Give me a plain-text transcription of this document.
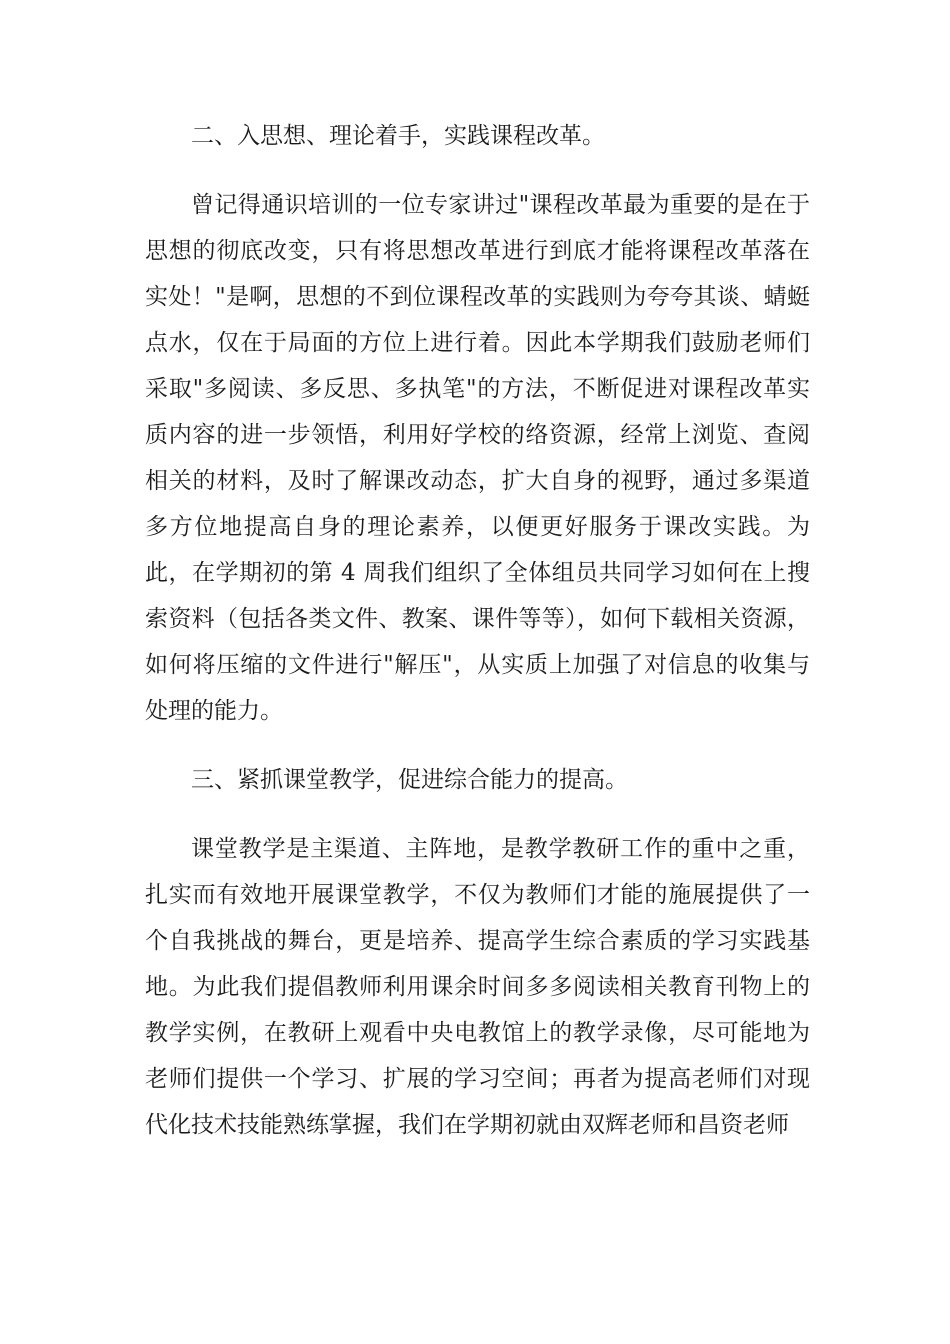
二、入思想、理论着手，实践课程改革。

曾记得通识培训的一位专家讲过"课程改革最为重要的是在于思想的彻底改变，只有将思想改革进行到底才能将课程改革落在实处！"是啊，思想的不到位课程改革的实践则为夸夸其谈、蜻蜓点水，仅在于局面的方位上进行着。因此本学期我们鼓励老师们采取"多阅读、多反思、多执笔"的方法，不断促进对课程改革实质内容的进一步领悟，利用好学校的络资源，经常上浏览、查阅相关的材料，及时了解课改动态，扩大自身的视野，通过多渠道多方位地提高自身的理论素养，以便更好服务于课改实践。为此，在学期初的第 4 周我们组织了全体组员共同学习如何在上搜索资料（包括各类文件、教案、课件等等），如何下载相关资源，如何将压缩的文件进行"解压"，从实质上加强了对信息的收集与处理的能力。

三、紧抓课堂教学，促进综合能力的提高。

课堂教学是主渠道、主阵地，是教学教研工作的重中之重，扎实而有效地开展课堂教学，不仅为教师们才能的施展提供了一个自我挑战的舞台，更是培养、提高学生综合素质的学习实践基地。为此我们提倡教师利用课余时间多多阅读相关教育刊物上的教学实例，在教研上观看中央电教馆上的教学录像，尽可能地为老师们提供一个学习、扩展的学习空间；再者为提高老师们对现代化技术技能熟练掌握，我们在学期初就由双辉老师和昌资老师
